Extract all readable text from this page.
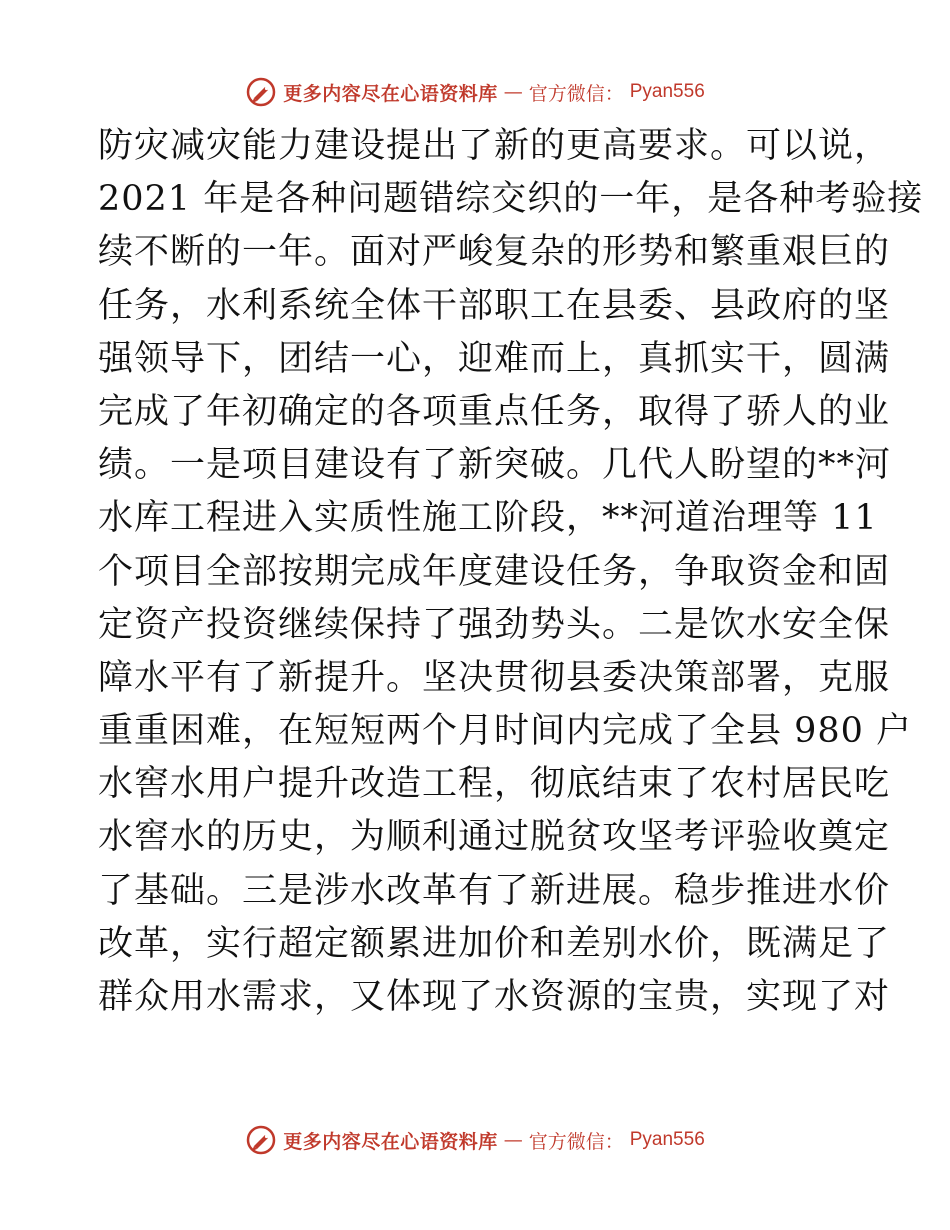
更多内容尽在心语资料库 — 官方微信： Pyan556
防灾减灾能力建设提出了新的更高要求。可以说，
2021 年是各种问题错综交织的一年，是各种考验接
续不断的一年。面对严峻复杂的形势和繁重艰巨的
任务，水利系统全体干部职工在县委、县政府的坚
强领导下，团结一心，迎难而上，真抓实干，圆满
完成了年初确定的各项重点任务，取得了骄人的业
绩。一是项目建设有了新突破。几代人盼望的**河
水库工程进入实质性施工阶段，**河道治理等 11
个项目全部按期完成年度建设任务，争取资金和固
定资产投资继续保持了强劲势头。二是饮水安全保
障水平有了新提升。坚决贯彻县委决策部署，克服
重重困难，在短短两个月时间内完成了全县 980 户
水窖水用户提升改造工程，彻底结束了农村居民吃
水窖水的历史，为顺利通过脱贫攻坚考评验收奠定
了基础。三是涉水改革有了新进展。稳步推进水价
改革，实行超定额累进加价和差别水价，既满足了
群众用水需求，又体现了水资源的宝贵，实现了对
更多内容尽在心语资料库 — 官方微信： Pyan556
